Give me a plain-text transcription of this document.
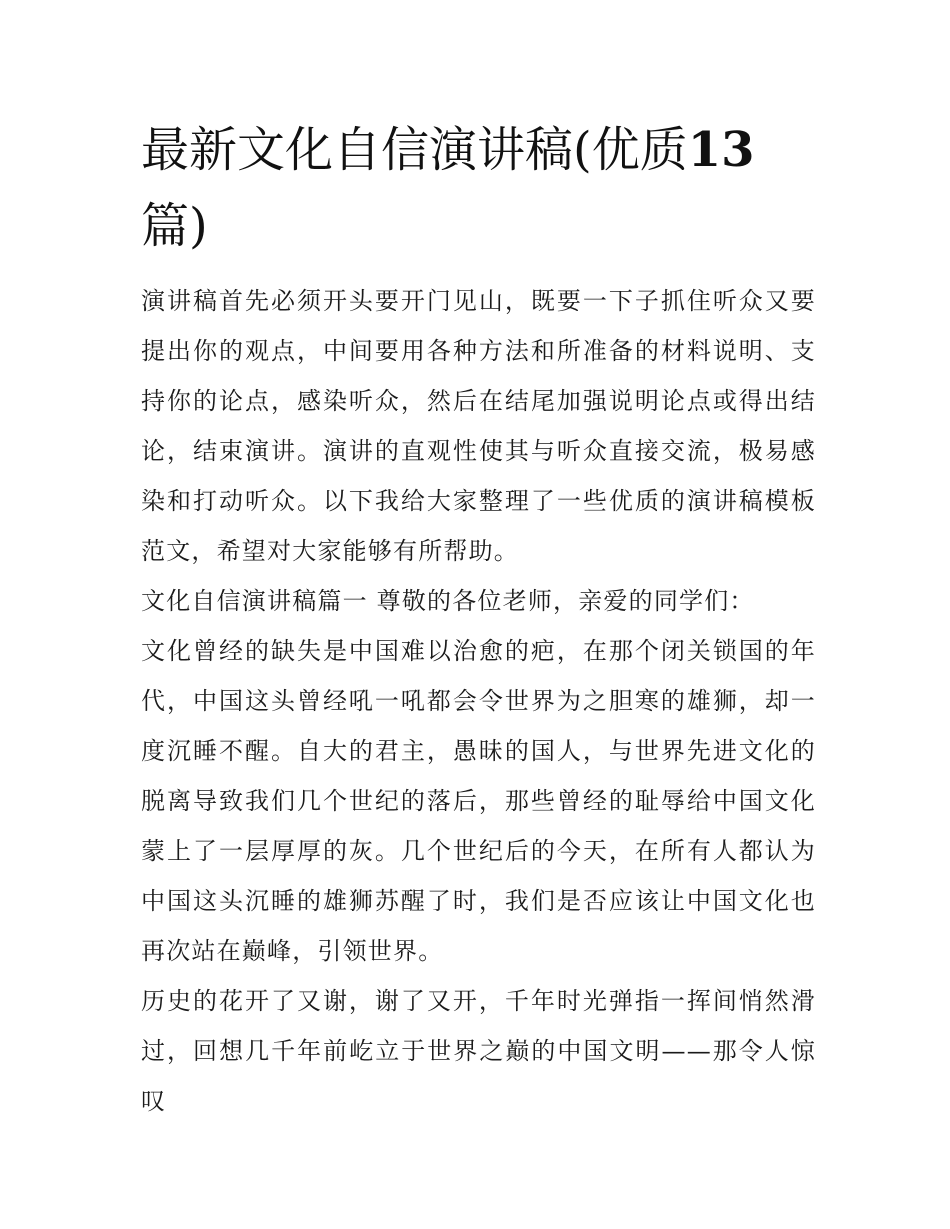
最新文化自信演讲稿(优质13
篇)

演讲稿首先必须开头要开门见山，既要一下子抓住听众又要提出你的观点，中间要用各种方法和所准备的材料说明、支持你的论点，感染听众，然后在结尾加强说明论点或得出结论，结束演讲。演讲的直观性使其与听众直接交流，极易感染和打动听众。以下我给大家整理了一些优质的演讲稿模板范文，希望对大家能够有所帮助。

文化自信演讲稿篇一 尊敬的各位老师，亲爱的同学们：

文化曾经的缺失是中国难以治愈的疤，在那个闭关锁国的年代，中国这头曾经吼一吼都会令世界为之胆寒的雄狮，却一度沉睡不醒。自大的君主，愚昧的国人，与世界先进文化的脱离导致我们几个世纪的落后，那些曾经的耻辱给中国文化蒙上了一层厚厚的灰。几个世纪后的今天，在所有人都认为中国这头沉睡的雄狮苏醒了时，我们是否应该让中国文化也再次站在巅峰，引领世界。

历史的花开了又谢，谢了又开，千年时光弹指一挥间悄然滑过，回想几千年前屹立于世界之巅的中国文明——那令人惊叹
